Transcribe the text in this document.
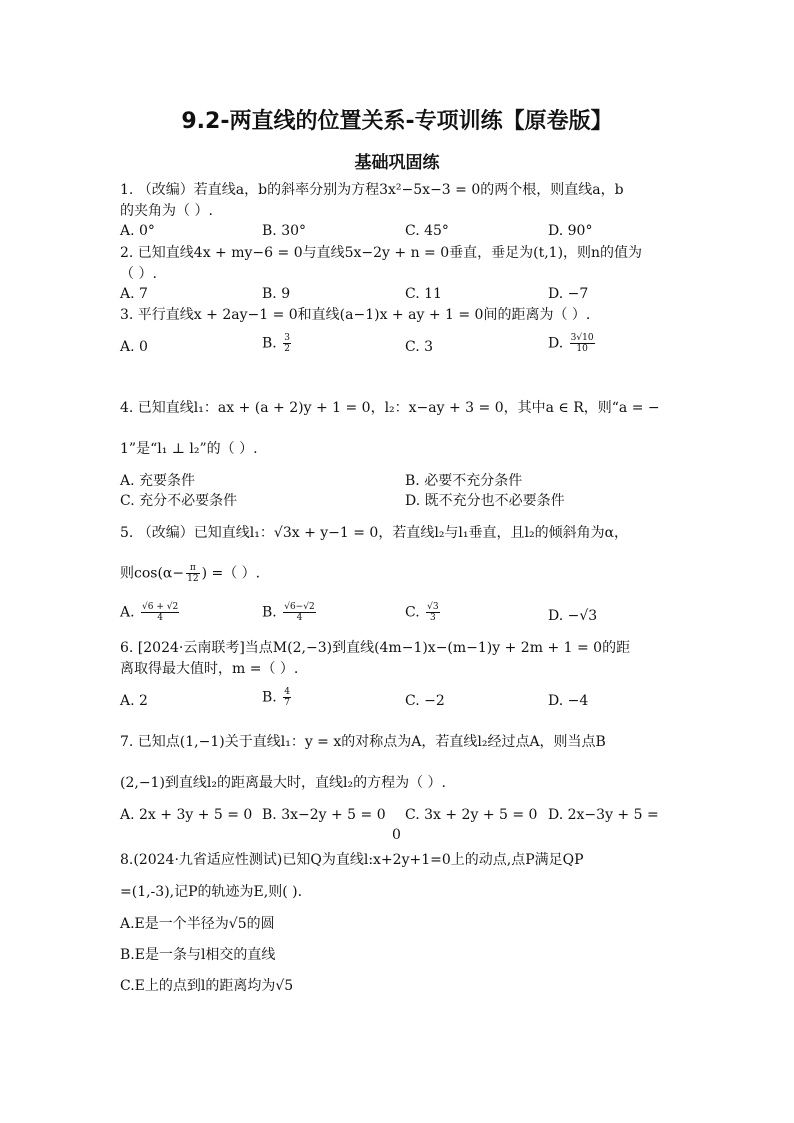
9.2-两直线的位置关系-专项训练【原卷版】
基础巩固练
1. （改编）若直线a，b的斜率分别为方程3x²−5x−3 = 0的两个根，则直线a，b
的夹角为（ ）.
A. 0°	B. 30°	C. 45°	D. 90°
2. 已知直线4x + my−6 = 0与直线5x−2y + n = 0垂直，垂足为(t,1)，则n的值为
（ ）.
A. 7	B. 9	C. 11	D. −7
3. 平行直线x + 2ay−1 = 0和直线(a−1)x + ay + 1 = 0间的距离为（ ）.
A. 0	B. $\frac{3}{2}$	C. 3	D. $\frac{3√10}{10}$
4. 已知直线l₁：ax + (a + 2)y + 1 = 0，l₂：x−ay + 3 = 0，其中a ∈ R，则“a = −
1”是“l₁ ⊥ l₂”的（ ）.
A. 充要条件	B. 必要不充分条件
C. 充分不必要条件	D. 既不充分也不必要条件
5. （改编）已知直线l₁：√3x + y−1 = 0，若直线l₂与l₁垂直，且l₂的倾斜角为α，
则$\cos(\alpha- \frac{\pi}{12}$ ) =（ ）.
A. $\frac{√6 + √2}{4}$	B. $\frac{√6-√2}{4}$	C. $\frac{√3}{3}$	D. −√3
6. [2024·云南联考]当点M(2,−3)到直线(4m−1)x−(m−1)y + 2m + 1 = 0的距
离取得最大值时，m =（ ）.
A. 2	B. $\frac{4}{7}$	C. −2	D. −4
7. 已知点(1,−1)关于直线l₁：y = x的对称点为A，若直线l₂经过点A，则当点B
(2,−1)到直线l₂的距离最大时，直线l₂的方程为（ ）.
A. 2x + 3y + 5 = 0 B. 3x−2y + 5 = 0 C. 3x + 2y + 5 = 0 D. 2x−3y + 5 =
0
8.(2024·九省适应性测试)已知Q为直线l:x+2y+1=0上的动点,点P满足QP
=(1,-3),记P的轨迹为E,则( ).
A.E是一个半径为√5的圆
B.E是一条与l相交的直线
C.E上的点到l的距离均为√5
